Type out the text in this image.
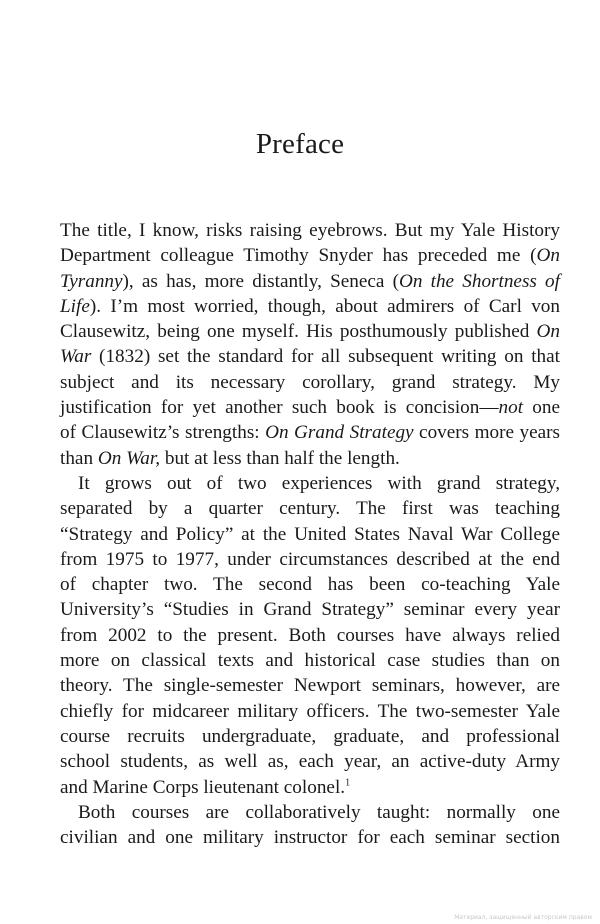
Preface
The title, I know, risks raising eyebrows. But my Yale History
Department colleague Timothy Snyder has preceded me (On
Tyranny), as has, more distantly, Seneca (On the Shortness of
Life). I’m most worried, though, about admirers of Carl von
Clausewitz, being one myself. His posthumously published On
War (1832) set the standard for all subsequent writing on that
subject and its necessary corollary, grand strategy. My
justification for yet another such book is concision—not one
of Clausewitz’s strengths: On Grand Strategy covers more years
than On War, but at less than half the length.
It grows out of two experiences with grand strategy,
separated by a quarter century. The first was teaching
“Strategy and Policy” at the United States Naval War College
from 1975 to 1977, under circumstances described at the end
of chapter two. The second has been co-teaching Yale
University’s “Studies in Grand Strategy” seminar every year
from 2002 to the present. Both courses have always relied
more on classical texts and historical case studies than on
theory. The single-semester Newport seminars, however, are
chiefly for midcareer military officers. The two-semester Yale
course recruits undergraduate, graduate, and professional
school students, as well as, each year, an active-duty Army
and Marine Corps lieutenant colonel.$^1$
Both courses are collaboratively taught: normally one
civilian and one military instructor for each seminar section
Материал, защищенный авторским правом
